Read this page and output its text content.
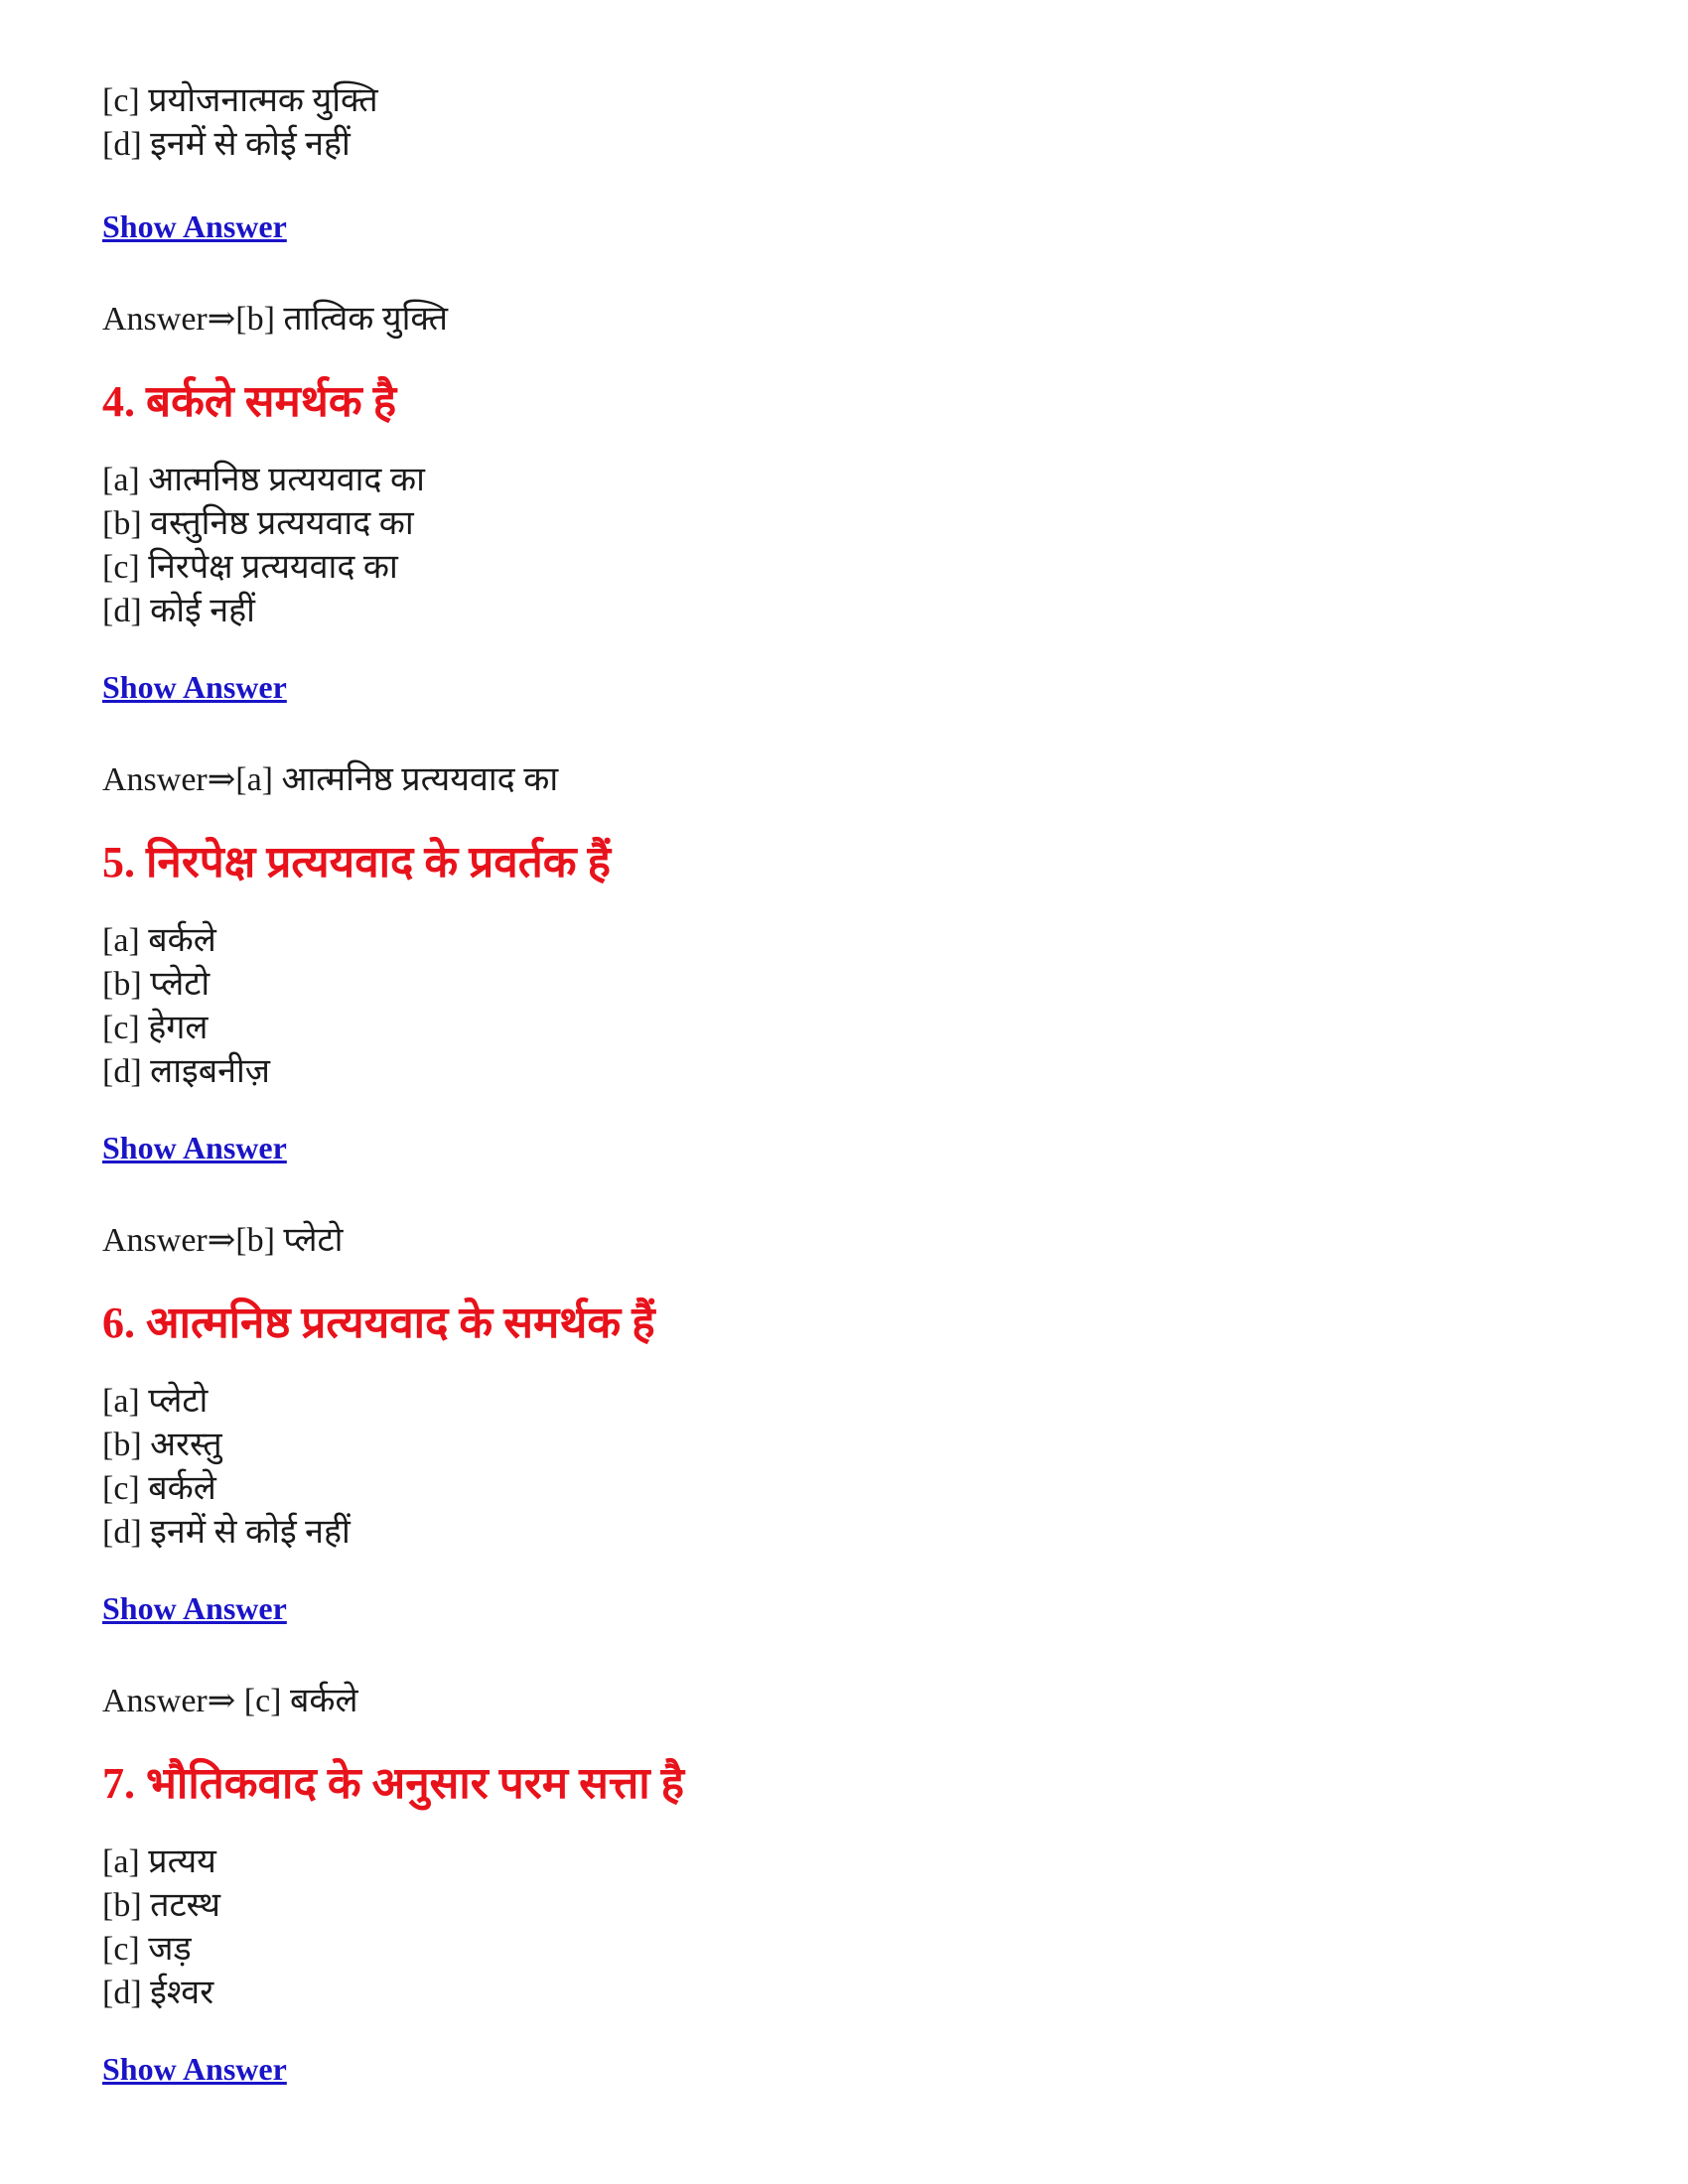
[c] प्रयोजनात्मक युक्ति
[d] इनमें से कोई नहीं
Show Answer
Answer⇒[b] तात्विक युक्ति
4. बर्कले समर्थक है
[a] आत्मनिष्ठ प्रत्ययवाद का
[b] वस्तुनिष्ठ प्रत्ययवाद का
[c] निरपेक्ष प्रत्ययवाद का
[d] कोई नहीं
Show Answer
Answer⇒[a] आत्मनिष्ठ प्रत्ययवाद का
5. निरपेक्ष प्रत्ययवाद के प्रवर्तक हैं
[a] बर्कले
[b] प्लेटो
[c] हेगल
[d] लाइबनीज़
Show Answer
Answer⇒[b] प्लेटो
6. आत्मनिष्ठ प्रत्ययवाद के समर्थक हैं
[a] प्लेटो
[b] अरस्तु
[c] बर्कले
[d] इनमें से कोई नहीं
Show Answer
Answer⇒ [c] बर्कले
7. भौतिकवाद के अनुसार परम सत्ता है
[a] प्रत्यय
[b] तटस्थ
[c] जड़
[d] ईश्वर
Show Answer
